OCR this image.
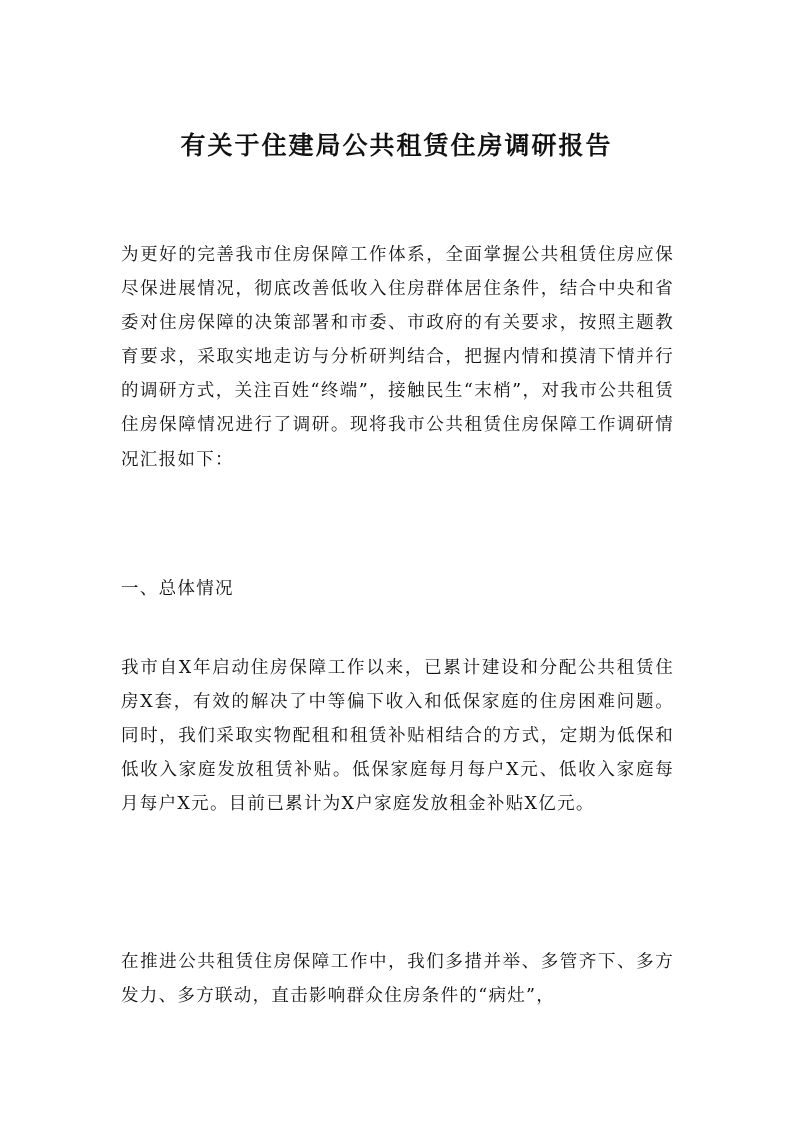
有关于住建局公共租赁住房调研报告

为更好的完善我市住房保障工作体系，全面掌握公共租赁住房应保尽保进展情况，彻底改善低收入住房群体居住条件，结合中央和省委对住房保障的决策部署和市委、市政府的有关要求，按照主题教育要求，采取实地走访与分析研判结合，把握内情和摸清下情并行的调研方式，关注百姓“终端”，接触民生“末梢”，对我市公共租赁住房保障情况进行了调研。现将我市公共租赁住房保障工作调研情况汇报如下：

一、总体情况

我市自X年启动住房保障工作以来，已累计建设和分配公共租赁住房X套，有效的解决了中等偏下收入和低保家庭的住房困难问题。同时，我们采取实物配租和租赁补贴相结合的方式，定期为低保和低收入家庭发放租赁补贴。低保家庭每月每户X元、低收入家庭每月每户X元。目前已累计为X户家庭发放租金补贴X亿元。

在推进公共租赁住房保障工作中，我们多措并举、多管齐下、多方发力、多方联动，直击影响群众住房条件的“病灶”，
